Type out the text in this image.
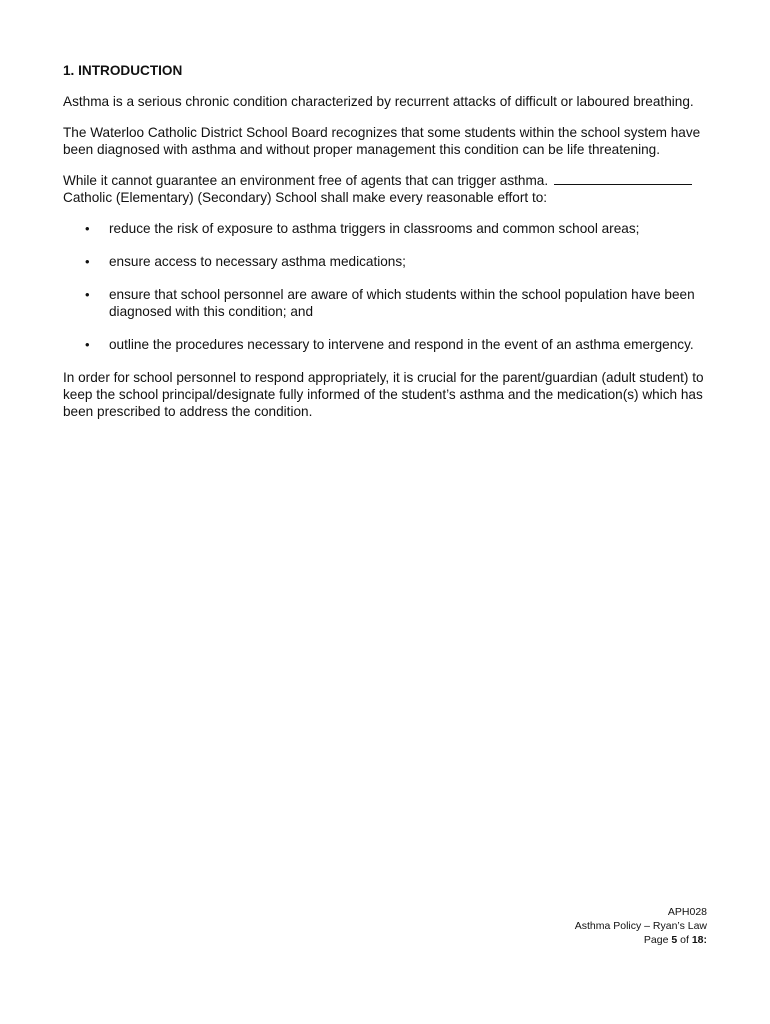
1. INTRODUCTION

Asthma is a serious chronic condition characterized by recurrent attacks of difficult or laboured breathing.

The Waterloo Catholic District School Board recognizes that some students within the school system have been diagnosed with asthma and without proper management this condition can be life threatening.

While it cannot guarantee an environment free of agents that can trigger asthma.
Catholic (Elementary) (Secondary) School shall make every reasonable effort to:

• reduce the risk of exposure to asthma triggers in classrooms and common school areas;
• ensure access to necessary asthma medications;
• ensure that school personnel are aware of which students within the school population have been diagnosed with this condition; and
• outline the procedures necessary to intervene and respond in the event of an asthma emergency.

In order for school personnel to respond appropriately, it is crucial for the parent/guardian (adult student) to keep the school principal/designate fully informed of the student’s asthma and the medication(s) which has been prescribed to address the condition.

APH028
Asthma Policy – Ryan’s Law
Page 5 of 18:
